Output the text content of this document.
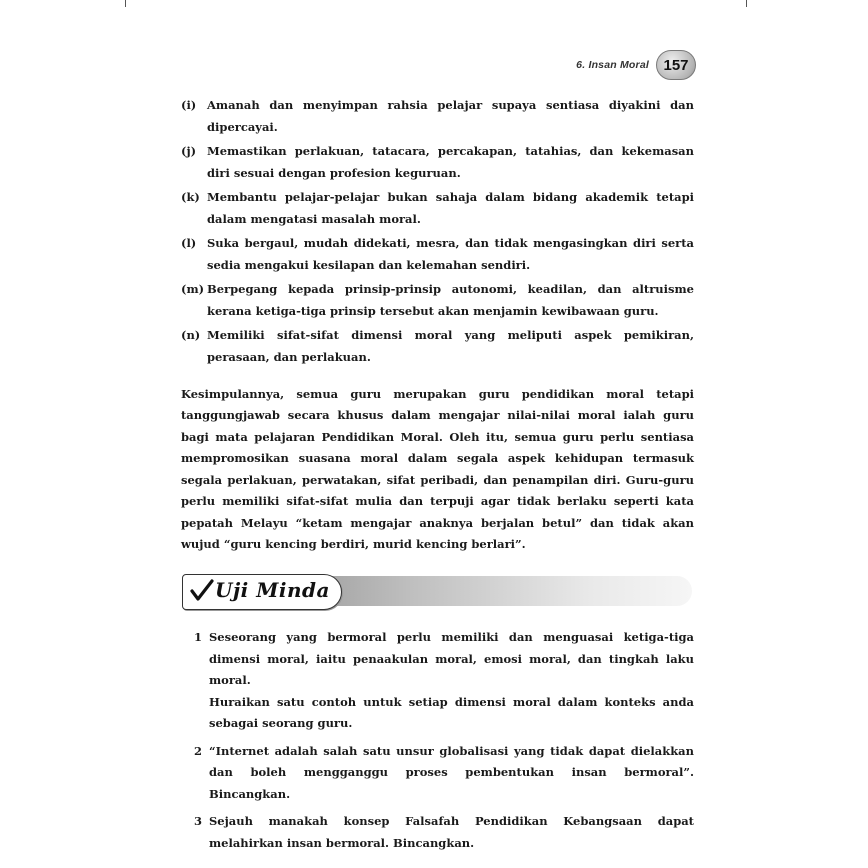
6. Insan Moral 157
(i) Amanah dan menyimpan rahsia pelajar supaya sentiasa diyakini dan dipercayai.
(j) Memastikan perlakuan, tatacara, percakapan, tatahias, dan kekemasan diri sesuai dengan profesion keguruan.
(k) Membantu pelajar-pelajar bukan sahaja dalam bidang akademik tetapi dalam mengatasi masalah moral.
(l) Suka bergaul, mudah didekati, mesra, dan tidak mengasingkan diri serta sedia mengakui kesilapan dan kelemahan sendiri.
(m) Berpegang kepada prinsip-prinsip autonomi, keadilan, dan altruisme kerana ketiga-tiga prinsip tersebut akan menjamin kewibawaan guru.
(n) Memiliki sifat-sifat dimensi moral yang meliputi aspek pemikiran, perasaan, dan perlakuan.

Kesimpulannya, semua guru merupakan guru pendidikan moral tetapi tanggungjawab secara khusus dalam mengajar nilai-nilai moral ialah guru bagi mata pelajaran Pendidikan Moral. Oleh itu, semua guru perlu sentiasa mempromosikan suasana moral dalam segala aspek kehidupan termasuk segala perlakuan, perwatakan, sifat peribadi, dan penampilan diri. Guru-guru perlu memiliki sifat-sifat mulia dan terpuji agar tidak berlaku seperti kata pepatah Melayu “ketam mengajar anaknya berjalan betul” dan tidak akan wujud “guru kencing berdiri, murid kencing berlari”.

Uji Minda
1 Seseorang yang bermoral perlu memiliki dan menguasai ketiga-tiga dimensi moral, iaitu penaakulan moral, emosi moral, dan tingkah laku moral.
Huraikan satu contoh untuk setiap dimensi moral dalam konteks anda sebagai seorang guru.
2 “Internet adalah salah satu unsur globalisasi yang tidak dapat dielakkan dan boleh mengganggu proses pembentukan insan bermoral”. Bincangkan.
3 Sejauh manakah konsep Falsafah Pendidikan Kebangsaan dapat melahirkan insan bermoral. Bincangkan.
